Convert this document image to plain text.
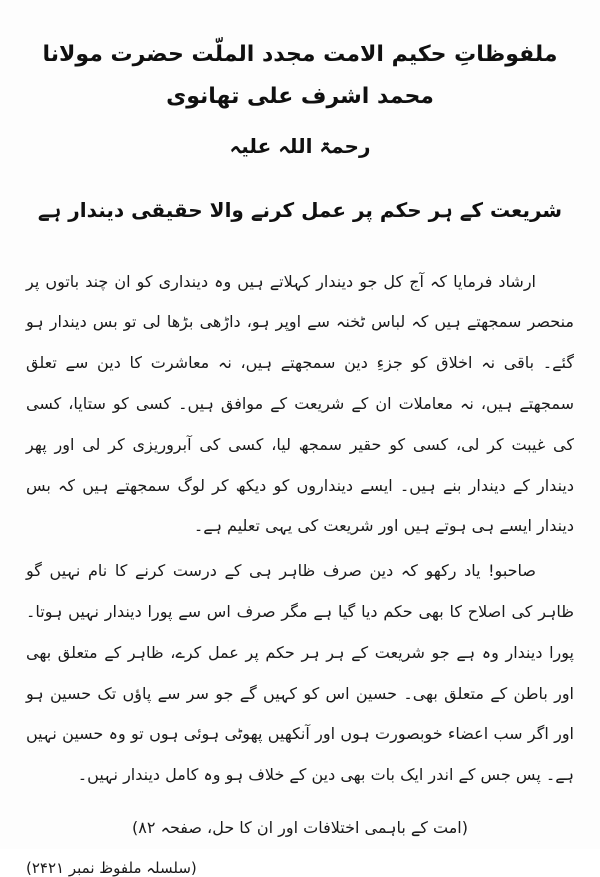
ملفوظاتِ حکیم الامت مجدد الملّت حضرت مولانا محمد اشرف علی تھانوی
رحمۃ اللہ علیہ
شریعت کے ہر حکم پر عمل کرنے والا حقیقی دیندار ہے

ارشاد فرمایا کہ آج کل جو دیندار کہلاتے ہیں وہ دینداری کو ان چند باتوں پر منحصر سمجھتے ہیں کہ لباس ٹخنہ سے اوپر ہو، داڑھی بڑھا لی تو بس دیندار ہو گئے۔ باقی نہ اخلاق کو جزءِ دین سمجھتے ہیں، نہ معاشرت کا دین سے تعلق سمجھتے ہیں، نہ معاملات ان کے شریعت کے موافق ہیں۔ کسی کو ستایا، کسی کی غیبت کر لی، کسی کو حقیر سمجھ لیا، کسی کی آبروریزی کر لی اور پھر دیندار کے دیندار بنے ہیں۔ ایسے دینداروں کو دیکھ کر لوگ سمجھتے ہیں کہ بس دیندار ایسے ہی ہوتے ہیں اور شریعت کی یہی تعلیم ہے۔

صاحبو! یاد رکھو کہ دین صرف ظاہر ہی کے درست کرنے کا نام نہیں گو ظاہر کی اصلاح کا بھی حکم دیا گیا ہے مگر صرف اس سے پورا دیندار نہیں ہوتا۔ پورا دیندار وہ ہے جو شریعت کے ہر ہر حکم پر عمل کرے، ظاہر کے متعلق بھی اور باطن کے متعلق بھی۔ حسین اس کو کہیں گے جو سر سے پاؤں تک حسین ہو اور اگر سب اعضاء خوبصورت ہوں اور آنکھیں پھوٹی ہوئی ہوں تو وہ حسین نہیں ہے۔ پس جس کے اندر ایک بات بھی دین کے خلاف ہو وہ کامل دیندار نہیں۔

(امت کے باہمی اختلافات اور ان کا حل، صفحہ ۸۲)
(سلسلہ ملفوظ نمبر ۲۴۲۱)
